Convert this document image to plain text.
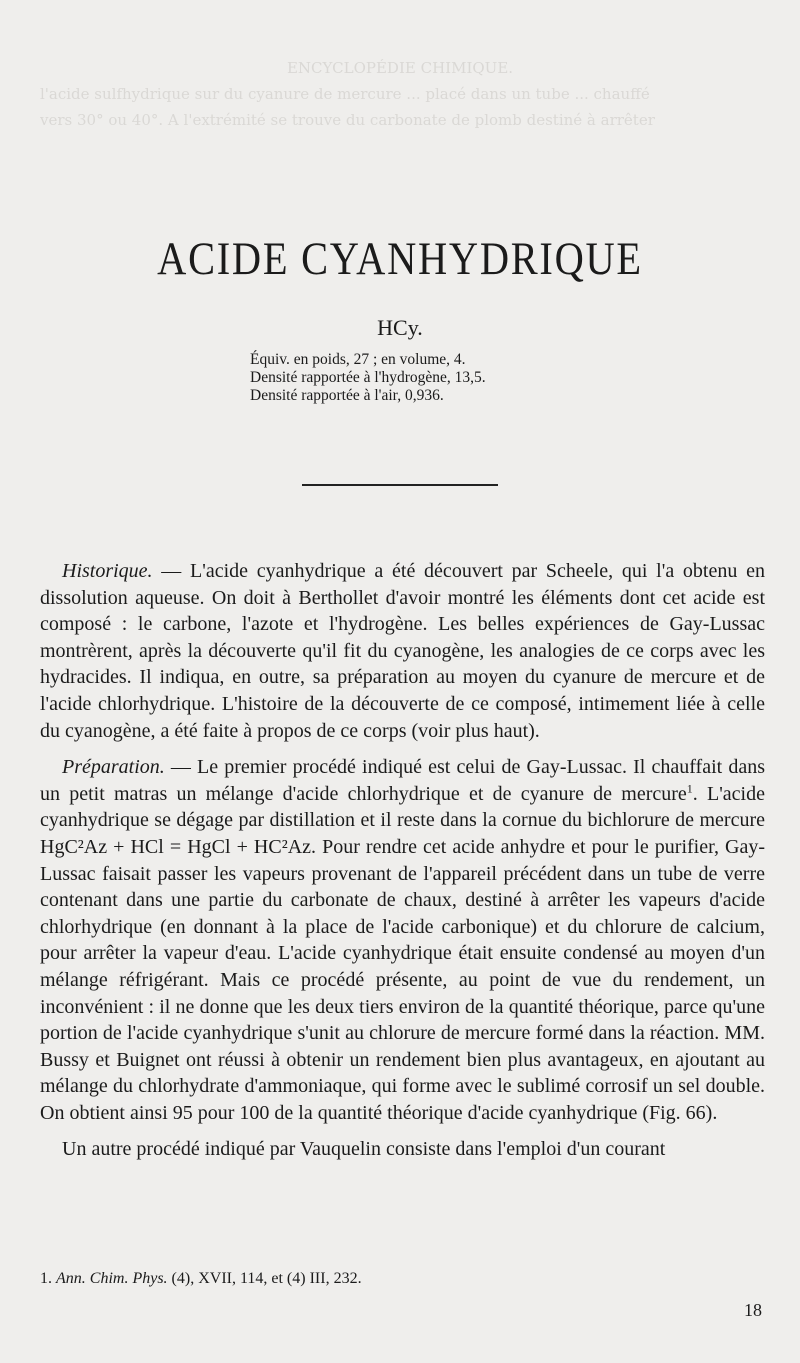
ENCYCLOPÉDIE CHIMIQUE.
l'acide sulfhydrique sur du cyanure de mercure ... placé dans un tube ... chauffé
vers 30° ou 40°. A l'extrémité se trouve du carbonate de plomb destiné à arrêter
ACIDE CYANHYDRIQUE
HCy.
Équiv. en poids, 27 ; en volume, 4.
Densité rapportée à l'hydrogène, 13,5.
Densité rapportée à l'air, 0,936.

Historique. — L'acide cyanhydrique a été découvert par Scheele, qui l'a obtenu en dissolution aqueuse. On doit à Berthollet d'avoir montré les éléments dont cet acide est composé : le carbone, l'azote et l'hydrogène. Les belles expériences de Gay-Lussac montrèrent, après la découverte qu'il fit du cyanogène, les analogies de ce corps avec les hydracides. Il indiqua, en outre, sa préparation au moyen du cyanure de mercure et de l'acide chlorhydrique. L'histoire de la découverte de ce composé, intimement liée à celle du cyanogène, a été faite à propos de ce corps (voir plus haut).

Préparation. — Le premier procédé indiqué est celui de Gay-Lussac. Il chauffait dans un petit matras un mélange d'acide chlorhydrique et de cyanure de mercure$^1$. L'acide cyanhydrique se dégage par distillation et il reste dans la cornue du bichlorure de mercure HgC²Az + HCl = HgCl + HC²Az. Pour rendre cet acide anhydre et pour le purifier, Gay-Lussac faisait passer les vapeurs provenant de l'appareil précédent dans un tube de verre contenant dans une partie du carbonate de chaux, destiné à arrêter les vapeurs d'acide chlorhydrique (en donnant à la place de l'acide carbonique) et du chlorure de calcium, pour arrêter la vapeur d'eau. L'acide cyanhydrique était ensuite condensé au moyen d'un mélange réfrigérant. Mais ce procédé présente, au point de vue du rendement, un inconvénient : il ne donne que les deux tiers environ de la quantité théorique, parce qu'une portion de l'acide cyanhydrique s'unit au chlorure de mercure formé dans la réaction. MM. Bussy et Buignet ont réussi à obtenir un rendement bien plus avantageux, en ajoutant au mélange du chlorhydrate d'ammoniaque, qui forme avec le sublimé corrosif un sel double. On obtient ainsi 95 pour 100 de la quantité théorique d'acide cyanhydrique (Fig. 66).

Un autre procédé indiqué par Vauquelin consiste dans l'emploi d'un courant

1. Ann. Chim. Phys. (4), XVII, 114, et (4) III, 232.
18
